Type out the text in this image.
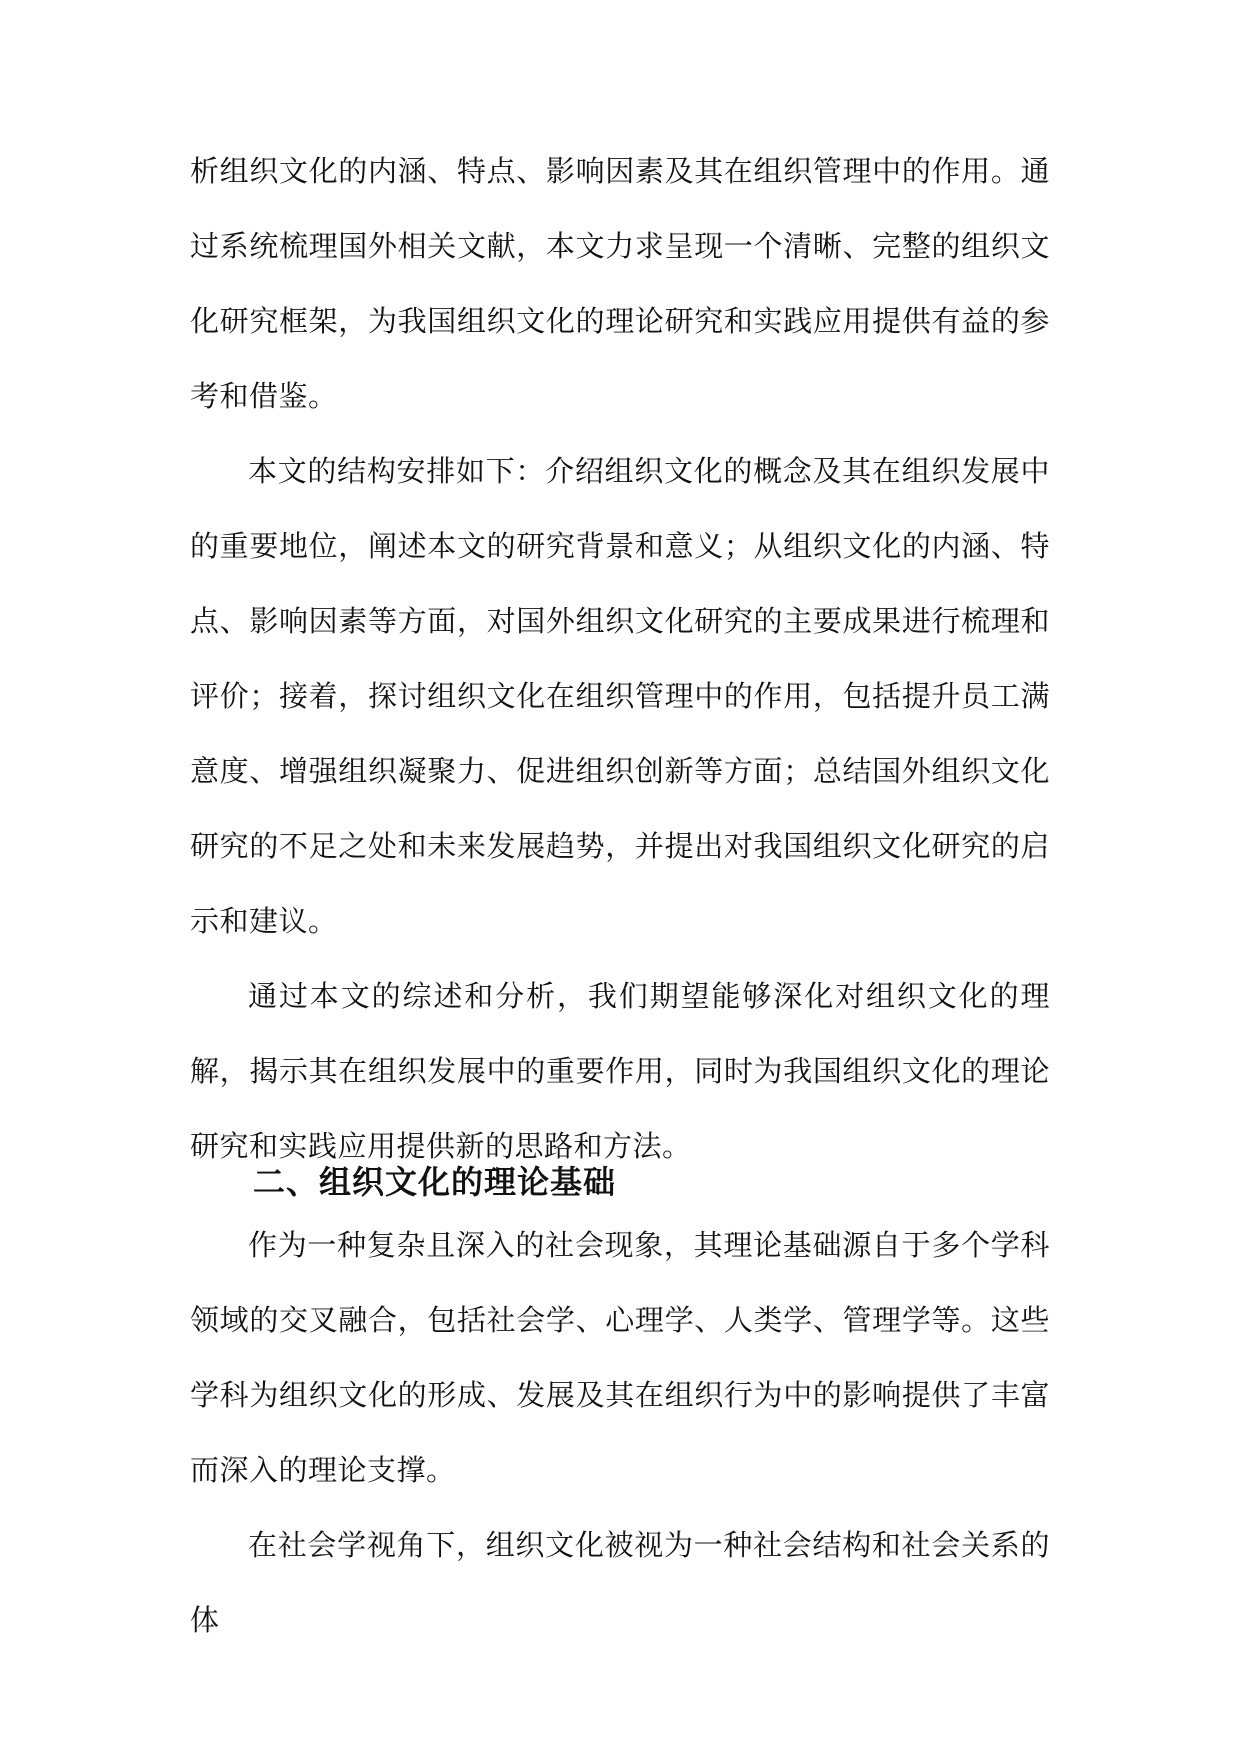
析组织文化的内涵、特点、影响因素及其在组织管理中的作用。通过系统梳理国外相关文献，本文力求呈现一个清晰、完整的组织文化研究框架，为我国组织文化的理论研究和实践应用提供有益的参考和借鉴。

本文的结构安排如下：介绍组织文化的概念及其在组织发展中的重要地位，阐述本文的研究背景和意义；从组织文化的内涵、特点、影响因素等方面，对国外组织文化研究的主要成果进行梳理和评价；接着，探讨组织文化在组织管理中的作用，包括提升员工满意度、增强组织凝聚力、促进组织创新等方面；总结国外组织文化研究的不足之处和未来发展趋势，并提出对我国组织文化研究的启示和建议。

通过本文的综述和分析，我们期望能够深化对组织文化的理解，揭示其在组织发展中的重要作用，同时为我国组织文化的理论研究和实践应用提供新的思路和方法。

二、组织文化的理论基础

作为一种复杂且深入的社会现象，其理论基础源自于多个学科领域的交叉融合，包括社会学、心理学、人类学、管理学等。这些学科为组织文化的形成、发展及其在组织行为中的影响提供了丰富而深入的理论支撑。

在社会学视角下，组织文化被视为一种社会结构和社会关系的体
